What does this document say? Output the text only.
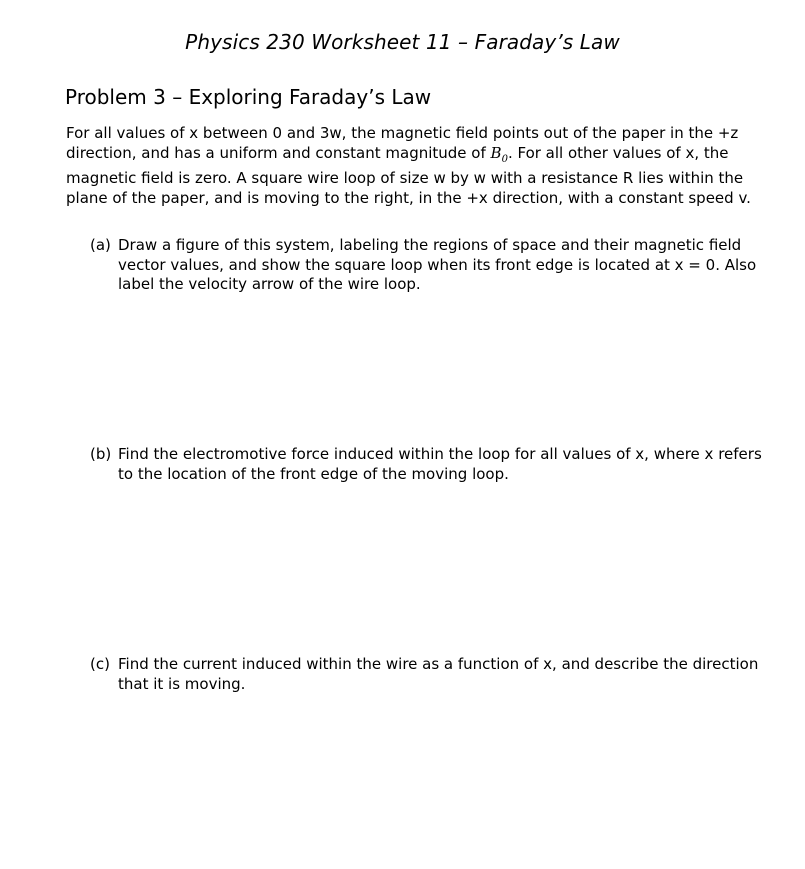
Physics 230 Worksheet 11 – Faraday’s Law
Problem 3 – Exploring Faraday’s Law

For all values of x between 0 and 3w, the magnetic field points out of the paper in the +z direction, and has a uniform and constant magnitude of $B_0$. For all other values of x, the magnetic field is zero. A square wire loop of size w by w with a resistance R lies within the plane of the paper, and is moving to the right, in the +x direction, with a constant speed v.

(a) Draw a figure of this system, labeling the regions of space and their magnetic field vector values, and show the square loop when its front edge is located at x = 0. Also label the velocity arrow of the wire loop.
(b) Find the electromotive force induced within the loop for all values of x, where x refers to the location of the front edge of the moving loop.
(c) Find the current induced within the wire as a function of x, and describe the direction that it is moving.
